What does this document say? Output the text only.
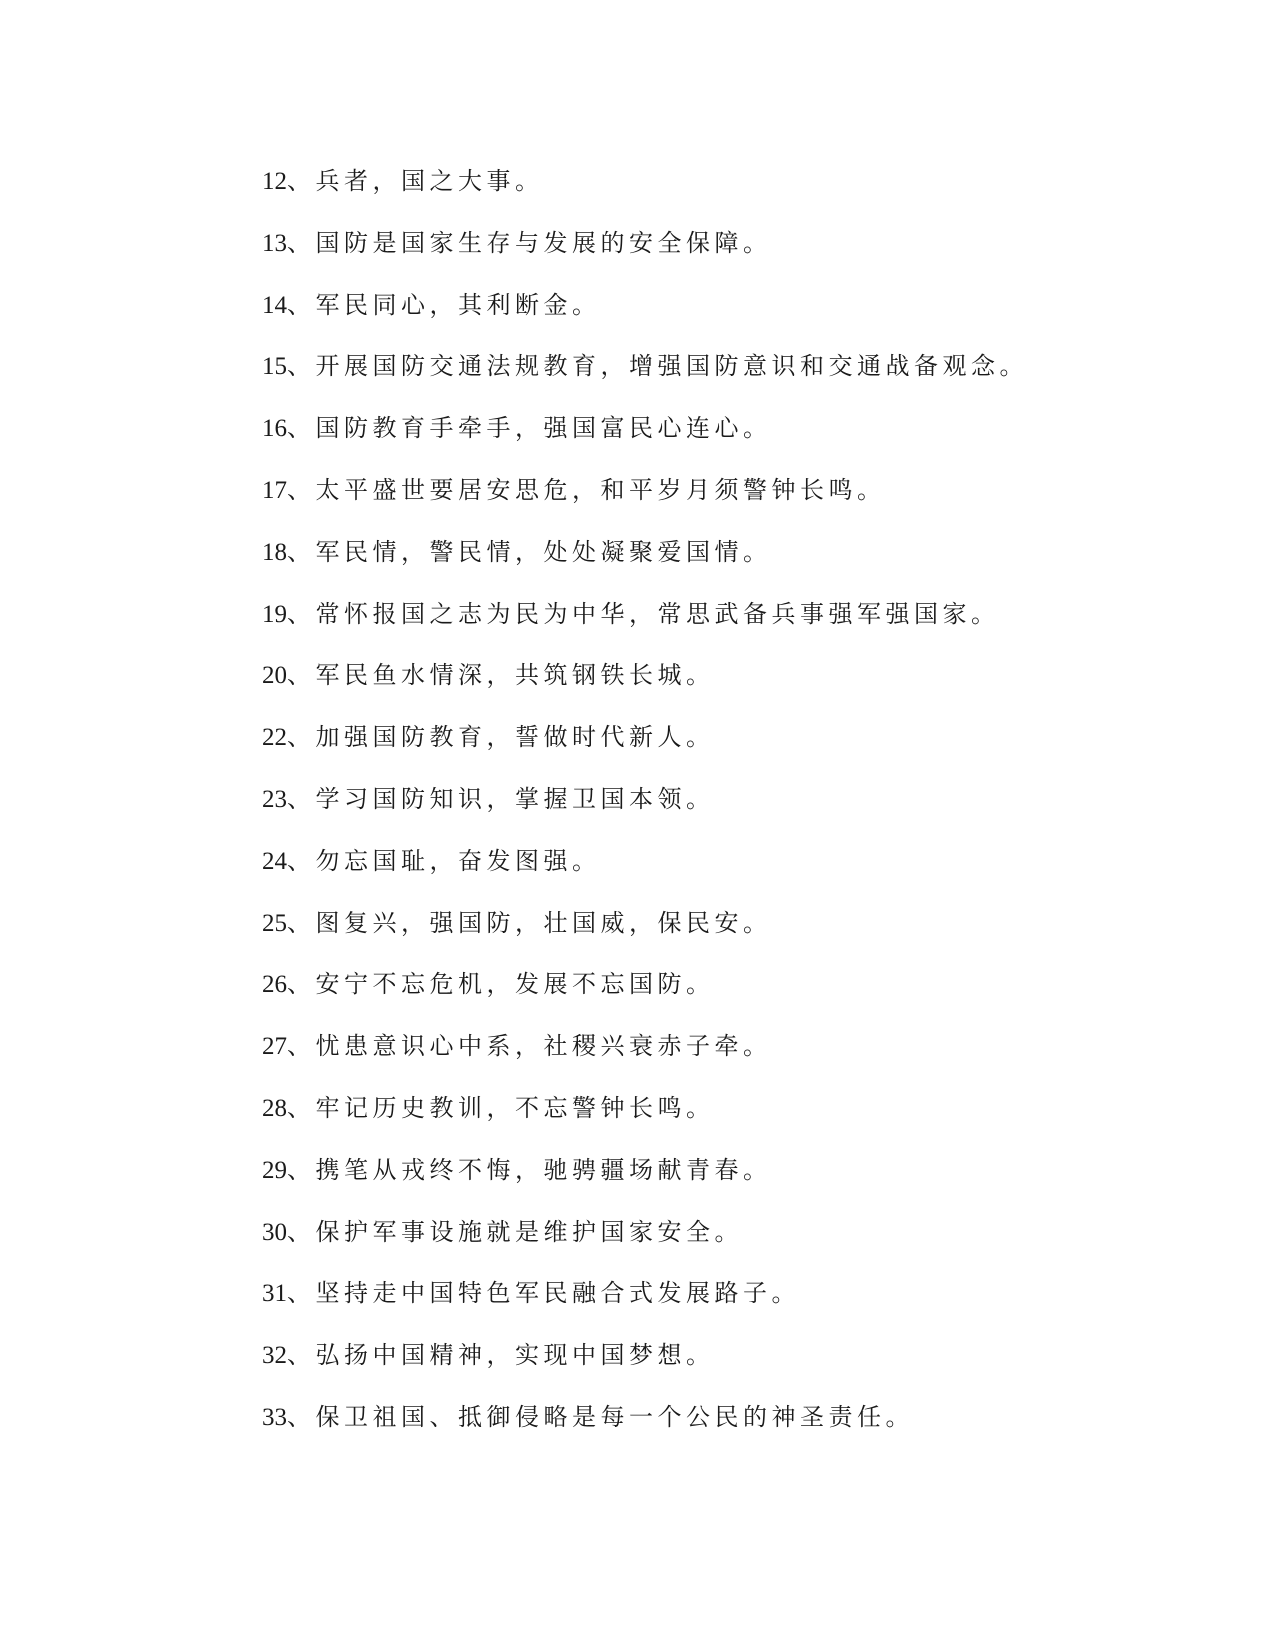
12、兵者，国之大事。
13、国防是国家生存与发展的安全保障。
14、军民同心，其利断金。
15、开展国防交通法规教育，增强国防意识和交通战备观念。
16、国防教育手牵手，强国富民心连心。
17、太平盛世要居安思危，和平岁月须警钟长鸣。
18、军民情，警民情，处处凝聚爱国情。
19、常怀报国之志为民为中华，常思武备兵事强军强国家。
20、军民鱼水情深，共筑钢铁长城。
22、加强国防教育，誓做时代新人。
23、学习国防知识，掌握卫国本领。
24、勿忘国耻，奋发图强。
25、图复兴，强国防，壮国威，保民安。
26、安宁不忘危机，发展不忘国防。
27、忧患意识心中系，社稷兴衰赤子牵。
28、牢记历史教训，不忘警钟长鸣。
29、携笔从戎终不悔，驰骋疆场献青春。
30、保护军事设施就是维护国家安全。
31、坚持走中国特色军民融合式发展路子。
32、弘扬中国精神，实现中国梦想。
33、保卫祖国、抵御侵略是每一个公民的神圣责任。
